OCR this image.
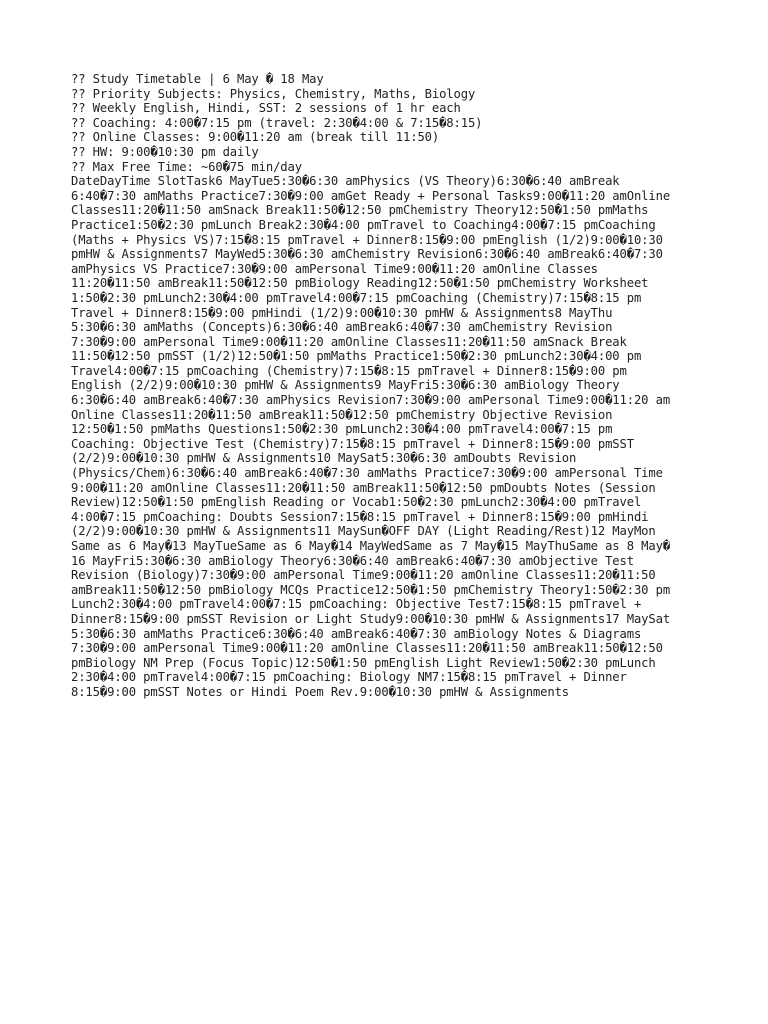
?? Study Timetable | 6 May � 18 May
?? Priority Subjects: Physics, Chemistry, Maths, Biology
?? Weekly English, Hindi, SST: 2 sessions of 1 hr each
?? Coaching: 4:00�7:15 pm (travel: 2:30�4:00 & 7:15�8:15)
?? Online Classes: 9:00�11:20 am (break till 11:50)
?? HW: 9:00�10:30 pm daily
?? Max Free Time: ~60�75 min/day
DateDayTime SlotTask6 MayTue5:30�6:30 amPhysics (VS Theory)6:30�6:40 amBreak
6:40�7:30 amMaths Practice7:30�9:00 amGet Ready + Personal Tasks9:00�11:20 amOnline
Classes11:20�11:50 amSnack Break11:50�12:50 pmChemistry Theory12:50�1:50 pmMaths
Practice1:50�2:30 pmLunch Break2:30�4:00 pmTravel to Coaching4:00�7:15 pmCoaching
(Maths + Physics VS)7:15�8:15 pmTravel + Dinner8:15�9:00 pmEnglish (1/2)9:00�10:30
pmHW & Assignments7 MayWed5:30�6:30 amChemistry Revision6:30�6:40 amBreak6:40�7:30
amPhysics VS Practice7:30�9:00 amPersonal Time9:00�11:20 amOnline Classes
11:20�11:50 amBreak11:50�12:50 pmBiology Reading12:50�1:50 pmChemistry Worksheet
1:50�2:30 pmLunch2:30�4:00 pmTravel4:00�7:15 pmCoaching (Chemistry)7:15�8:15 pm
Travel + Dinner8:15�9:00 pmHindi (1/2)9:00�10:30 pmHW & Assignments8 MayThu
5:30�6:30 amMaths (Concepts)6:30�6:40 amBreak6:40�7:30 amChemistry Revision
7:30�9:00 amPersonal Time9:00�11:20 amOnline Classes11:20�11:50 amSnack Break
11:50�12:50 pmSST (1/2)12:50�1:50 pmMaths Practice1:50�2:30 pmLunch2:30�4:00 pm
Travel4:00�7:15 pmCoaching (Chemistry)7:15�8:15 pmTravel + Dinner8:15�9:00 pm
English (2/2)9:00�10:30 pmHW & Assignments9 MayFri5:30�6:30 amBiology Theory
6:30�6:40 amBreak6:40�7:30 amPhysics Revision7:30�9:00 amPersonal Time9:00�11:20 am
Online Classes11:20�11:50 amBreak11:50�12:50 pmChemistry Objective Revision
12:50�1:50 pmMaths Questions1:50�2:30 pmLunch2:30�4:00 pmTravel4:00�7:15 pm
Coaching: Objective Test (Chemistry)7:15�8:15 pmTravel + Dinner8:15�9:00 pmSST
(2/2)9:00�10:30 pmHW & Assignments10 MaySat5:30�6:30 amDoubts Revision
(Physics/Chem)6:30�6:40 amBreak6:40�7:30 amMaths Practice7:30�9:00 amPersonal Time
9:00�11:20 amOnline Classes11:20�11:50 amBreak11:50�12:50 pmDoubts Notes (Session
Review)12:50�1:50 pmEnglish Reading or Vocab1:50�2:30 pmLunch2:30�4:00 pmTravel
4:00�7:15 pmCoaching: Doubts Session7:15�8:15 pmTravel + Dinner8:15�9:00 pmHindi
(2/2)9:00�10:30 pmHW & Assignments11 MaySun�OFF DAY (Light Reading/Rest)12 MayMon
Same as 6 May�13 MayTueSame as 6 May�14 MayWedSame as 7 May�15 MayThuSame as 8 May�
16 MayFri5:30�6:30 amBiology Theory6:30�6:40 amBreak6:40�7:30 amObjective Test
Revision (Biology)7:30�9:00 amPersonal Time9:00�11:20 amOnline Classes11:20�11:50
amBreak11:50�12:50 pmBiology MCQs Practice12:50�1:50 pmChemistry Theory1:50�2:30 pm
Lunch2:30�4:00 pmTravel4:00�7:15 pmCoaching: Objective Test7:15�8:15 pmTravel +
Dinner8:15�9:00 pmSST Revision or Light Study9:00�10:30 pmHW & Assignments17 MaySat
5:30�6:30 amMaths Practice6:30�6:40 amBreak6:40�7:30 amBiology Notes & Diagrams
7:30�9:00 amPersonal Time9:00�11:20 amOnline Classes11:20�11:50 amBreak11:50�12:50
pmBiology NM Prep (Focus Topic)12:50�1:50 pmEnglish Light Review1:50�2:30 pmLunch
2:30�4:00 pmTravel4:00�7:15 pmCoaching: Biology NM7:15�8:15 pmTravel + Dinner
8:15�9:00 pmSST Notes or Hindi Poem Rev.9:00�10:30 pmHW & Assignments
